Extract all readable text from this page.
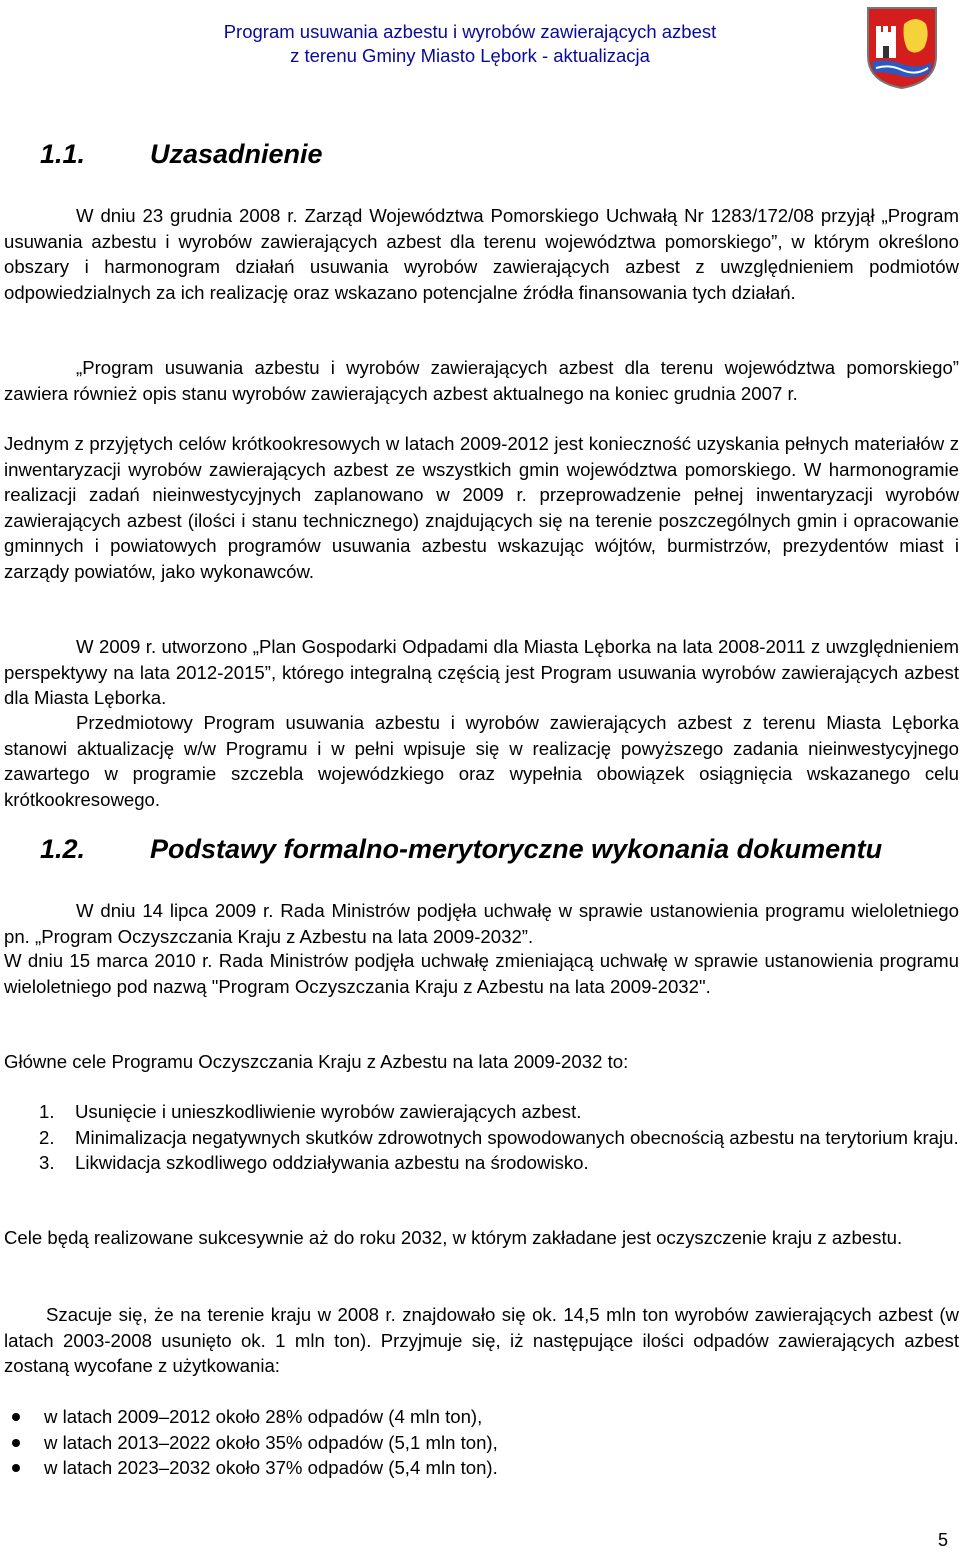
Program usuwania azbestu i wyrobów zawierających azbest
z terenu Gminy Miasto Lębork - aktualizacja
1.1. Uzasadnienie

W dniu 23 grudnia 2008 r. Zarząd Województwa Pomorskiego Uchwałą Nr 1283/172/08 przyjął „Program usuwania azbestu i wyrobów zawierających azbest dla terenu województwa pomorskiego”, w którym określono obszary i harmonogram działań usuwania wyrobów zawierających azbest z uwzględnieniem podmiotów odpowiedzialnych za ich realizację oraz wskazano potencjalne źródła finansowania tych działań.

„Program usuwania azbestu i wyrobów zawierających azbest dla terenu województwa pomorskiego” zawiera również opis stanu wyrobów zawierających azbest aktualnego na koniec grudnia 2007 r.

Jednym z przyjętych celów krótkookresowych w latach 2009-2012 jest konieczność uzyskania pełnych materiałów z inwentaryzacji wyrobów zawierających azbest ze wszystkich gmin województwa pomorskiego. W harmonogramie realizacji zadań nieinwestycyjnych zaplanowano w 2009 r. przeprowadzenie pełnej inwentaryzacji wyrobów zawierających azbest (ilości i stanu technicznego) znajdujących się na terenie poszczególnych gmin i opracowanie gminnych i powiatowych programów usuwania azbestu wskazując wójtów, burmistrzów, prezydentów miast i zarządy powiatów, jako wykonawców.

W 2009 r. utworzono „Plan Gospodarki Odpadami dla Miasta Lęborka na lata 2008-2011 z uwzględnieniem perspektywy na lata 2012-2015”, którego integralną częścią jest Program usuwania wyrobów zawierających azbest dla Miasta Lęborka.

Przedmiotowy Program usuwania azbestu i wyrobów zawierających azbest z terenu Miasta Lęborka stanowi aktualizację w/w Programu i w pełni wpisuje się w realizację powyższego zadania nieinwestycyjnego zawartego w programie szczebla wojewódzkiego oraz wypełnia obowiązek osiągnięcia wskazanego celu krótkookresowego.

1.2. Podstawy formalno-merytoryczne wykonania dokumentu

W dniu 14 lipca 2009 r. Rada Ministrów podjęła uchwałę w sprawie ustanowienia programu wieloletniego pn. „Program Oczyszczania Kraju z Azbestu na lata 2009-2032”.

W dniu 15 marca 2010 r. Rada Ministrów podjęła uchwałę zmieniającą uchwałę w sprawie ustanowienia programu wieloletniego pod nazwą "Program Oczyszczania Kraju z Azbestu na lata 2009-2032".

Główne cele Programu Oczyszczania Kraju z Azbestu na lata 2009-2032 to:

1. Usunięcie i unieszkodliwienie wyrobów zawierających azbest.
2. Minimalizacja negatywnych skutków zdrowotnych spowodowanych obecnością azbestu na terytorium kraju.
3. Likwidacja szkodliwego oddziaływania azbestu na środowisko.

Cele będą realizowane sukcesywnie aż do roku 2032, w którym zakładane jest oczyszczenie kraju z azbestu.

Szacuje się, że na terenie kraju w 2008 r. znajdowało się ok. 14,5 mln ton wyrobów zawierających azbest (w latach 2003-2008 usunięto ok. 1 mln ton). Przyjmuje się, iż następujące ilości odpadów zawierających azbest zostaną wycofane z użytkowania:

w latach 2009–2012 około 28% odpadów (4 mln ton),
w latach 2013–2022 około 35% odpadów (5,1 mln ton),
w latach 2023–2032 około 37% odpadów (5,4 mln ton).
5
